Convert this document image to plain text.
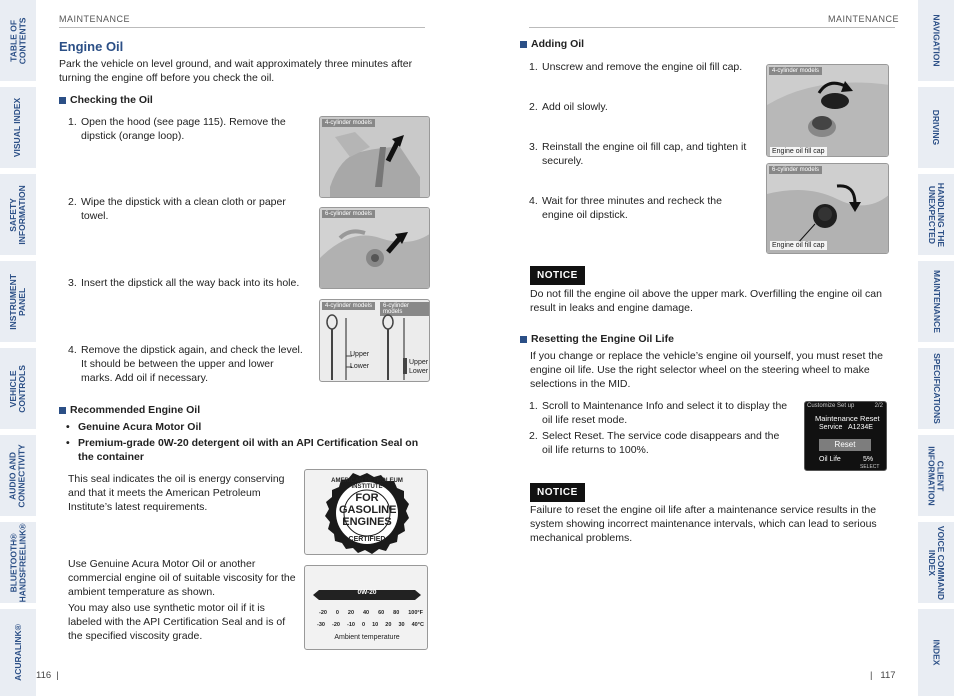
TABLE OF
CONTENTS
VISUAL INDEX
SAFETY
INFORMATION
INSTRUMENT
PANEL
VEHICLE
CONTROLS
AUDIO AND
CONNECTIVITY
BLUETOOTH®
HANDSFREELINK®
ACURALINK®
NAVIGATION
DRIVING
HANDLING THE
UNEXPECTED
MAINTENANCE
SPECIFICATIONS
CLIENT
INFORMATION
VOICE COMMAND
INDEX
INDEX
MAINTENANCE
Engine Oil
Park the vehicle on level ground, and wait approximately three minutes after turning the engine off before you check the oil.
Checking the Oil
1. Open the hood (see page 115). Remove the dipstick (orange loop).
2. Wipe the dipstick with a clean cloth or paper towel.
3. Insert the dipstick all the way back into its hole.
4. Remove the dipstick again, and check the level. It should be between the upper and lower marks. Add oil if necessary.
4-cylinder models
6-cylinder models
4-cylinder models	6-cylinder models
Upper
Lower
Upper
Lower
Recommended Engine Oil
• Genuine Acura Motor Oil
• Premium-grade 0W-20 detergent oil with an API Certification Seal on the container
This seal indicates the oil is energy conserving and that it meets the American Petroleum Institute’s latest requirements.
AMERICAN PETROLEUM INSTITUTE
FOR
GASOLINE
ENGINES
CERTIFIED
Use Genuine Acura Motor Oil or another commercial engine oil of suitable viscosity for the ambient temperature as shown.
You may also use synthetic motor oil if it is labeled with the API Certification Seal and is of the specified viscosity grade.
0W-20
-20 0 20 40 60 80 100°F
-30 -20 -10 0 10 20 30 40°C
Ambient temperature
116  |
MAINTENANCE
Adding Oil
1. Unscrew and remove the engine oil fill cap.
2. Add oil slowly.
3. Reinstall the engine oil fill cap, and tighten it securely.
4. Wait for three minutes and recheck the engine oil dipstick.
4-cylinder models
Engine oil fill cap
6-cylinder models
Engine oil fill cap
NOTICE
Do not fill the engine oil above the upper mark. Overfilling the engine oil can result in leaks and engine damage.
Resetting the Engine Oil Life
If you change or replace the vehicle’s engine oil yourself, you must reset the engine oil life. Use the right selector wheel on the steering wheel to make selections in the MID.
1. Scroll to Maintenance Info and select it to display the oil life reset mode.
2. Select Reset. The service code disappears and the oil life returns to 100%.
Customize Set up	2/2
Maintenance Reset
Service A1234E
Reset
Oil Life	5%
SELECT
NOTICE
Failure to reset the engine oil life after a maintenance service results in the system showing incorrect maintenance intervals, which can lead to serious mechanical problems.
|   117
